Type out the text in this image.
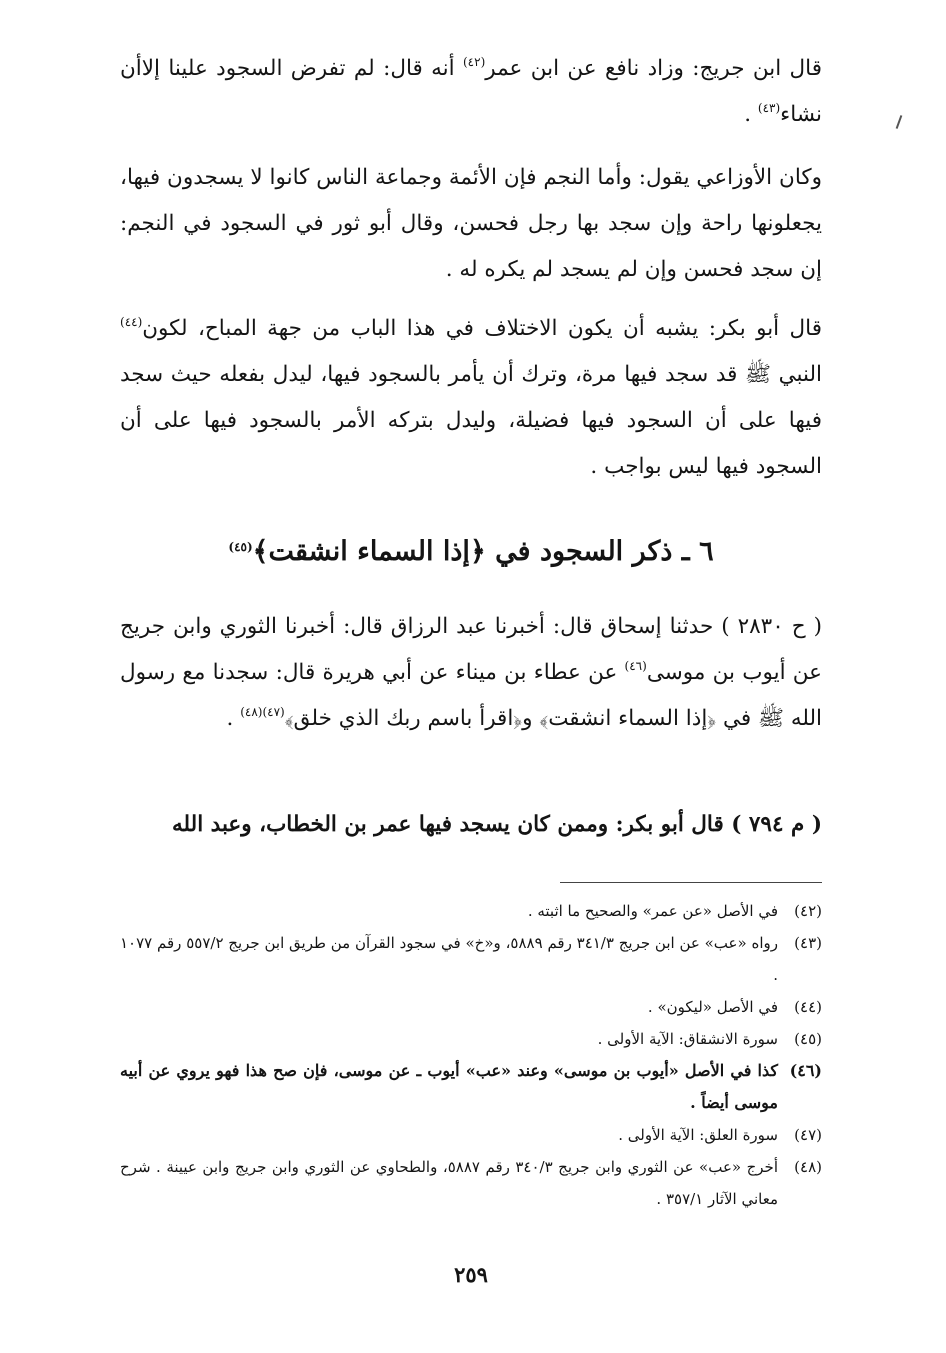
قال ابن جريج: وزاد نافع عن ابن عمر$^{(٤٢)}$ أنه قال: لم تفرض السجود علينا إلاأن نشاء$^{(٤٣)}$ .

وكان الأوزاعي يقول: وأما النجم فإن الأئمة وجماعة الناس كانوا لا يسجدون فيها، يجعلونها راحة وإن سجد بها رجل فحسن، وقال أبو ثور في السجود في النجم: إن سجد فحسن وإن لم يسجد لم يكره له .

قال أبو بكر: يشبه أن يكون الاختلاف في هذا الباب من جهة المباح، لكون$^{(٤٤)}$ النبي ﷺ قد سجد فيها مرة، وترك أن يأمر بالسجود فيها، ليدل بفعله حيث سجد فيها على أن السجود فيها فضيلة، وليدل بتركه الأمر بالسجود فيها على أن السجود فيها ليس بواجب .

٦ ـ ذكر السجود في ﴿إذا السماء انشقت﴾$^{(٤٥)}$

( ح ٢٨٣٠ ) حدثنا إسحاق قال: أخبرنا عبد الرزاق قال: أخبرنا الثوري وابن جريج عن أيوب بن موسى$^{(٤٦)}$ عن عطاء بن ميناء عن أبي هريرة قال: سجدنا مع رسول الله ﷺ في ﴿إذا السماء انشقت﴾ و﴿اقرأ باسم ربك الذي خلق﴾$^{(٤٧)(٤٨)}$ .

( م ٧٩٤ ) قال أبو بكر: وممن كان يسجد فيها عمر بن الخطاب، وعبد الله

(٤٢)
في الأصل «عن عمر» والصحيح ما اثبته .
(٤٣)
رواه «عب» عن ابن جريج ٣٤١/٣ رقم ٥٨٨٩، و«خ» في سجود القرآن من طريق ابن جريج ٥٥٧/٢ رقم ١٠٧٧ .
(٤٤)
في الأصل «ليكون» .
(٤٥)
سورة الانشقاق: الآية الأولى .
(٤٦)
كذا في الأصل «أيوب بن موسى» وعند «عب» أيوب ـ عن موسى، فإن صح هذا فهو يروي عن أبيه موسى أيضاً .
(٤٧)
سورة العلق: الآية الأولى .
(٤٨)
أخرج «عب» عن الثوري وابن جريج ٣٤٠/٣ رقم ٥٨٨٧، والطحاوي عن الثوري وابن جريج وابن عيينة . شرح معاني الآثار ٣٥٧/١ .
٢٥٩
